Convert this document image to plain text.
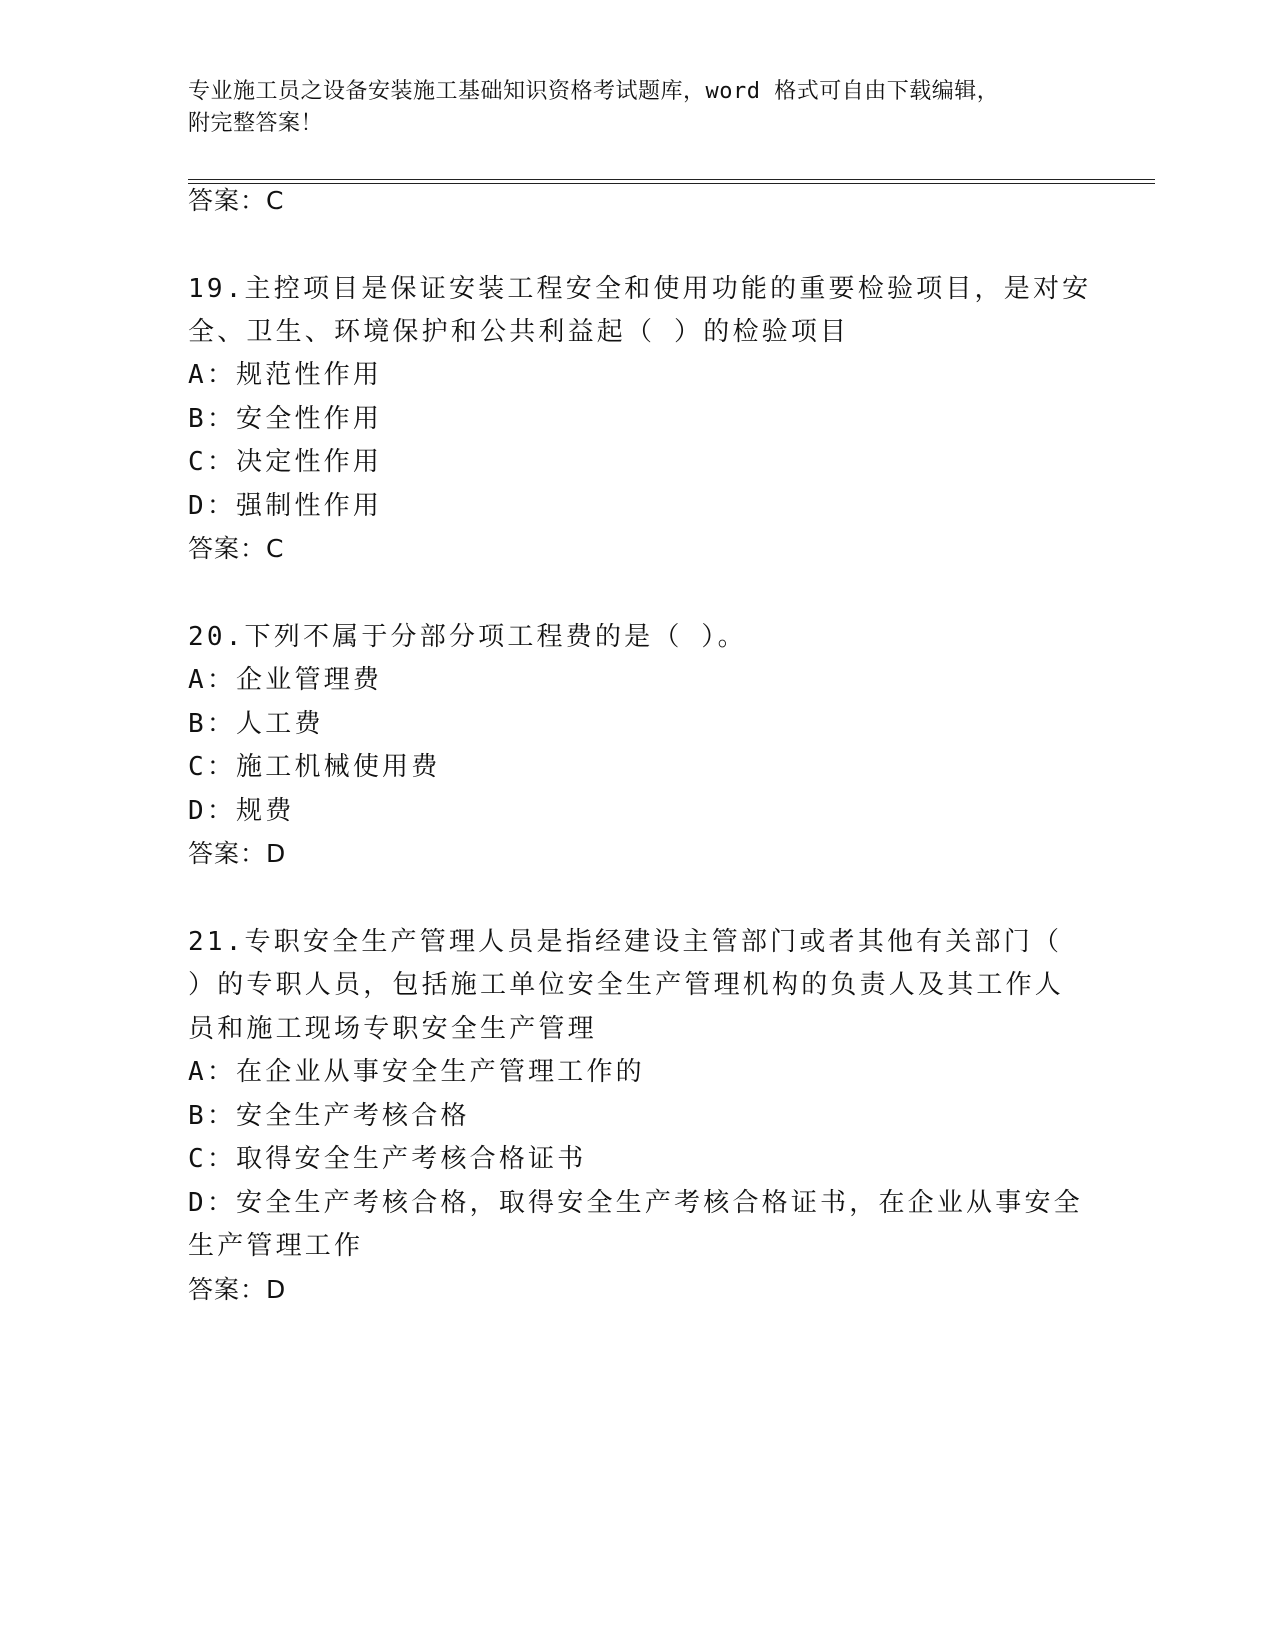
专业施工员之设备安装施工基础知识资格考试题库，word 格式可自由下载编辑，
附完整答案！
答案：C
19.主控项目是保证安装工程安全和使用功能的重要检验项目，是对安
全、卫生、环境保护和公共利益起（ ）的检验项目
A：规范性作用
B：安全性作用
C：决定性作用
D：强制性作用
答案：C
20.下列不属于分部分项工程费的是（ ）。
A：企业管理费
B：人工费
C：施工机械使用费
D：规费
答案：D
21.专职安全生产管理人员是指经建设主管部门或者其他有关部门（
）的专职人员，包括施工单位安全生产管理机构的负责人及其工作人
员和施工现场专职安全生产管理
A：在企业从事安全生产管理工作的
B：安全生产考核合格
C：取得安全生产考核合格证书
D：安全生产考核合格，取得安全生产考核合格证书，在企业从事安全
生产管理工作
答案：D
